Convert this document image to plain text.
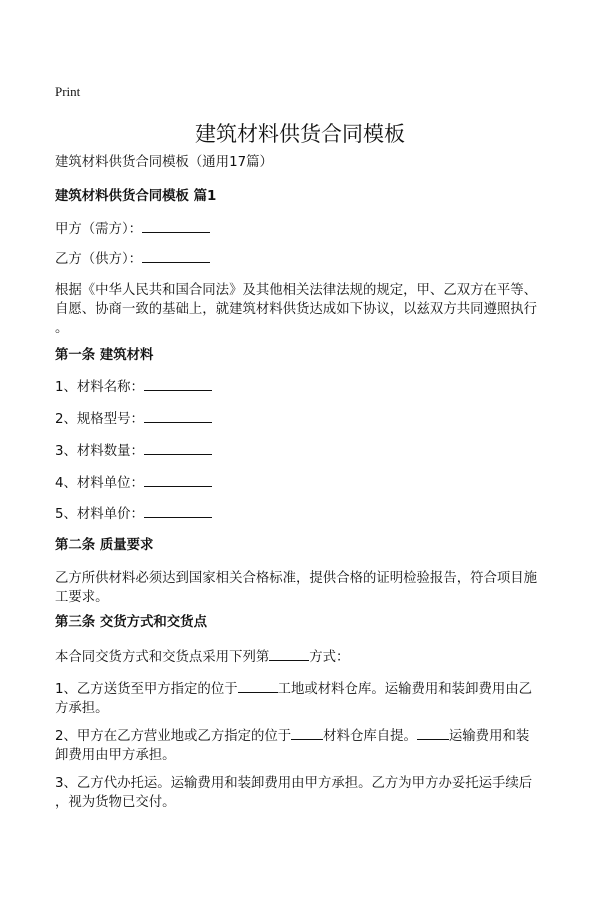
Print
建筑材料供货合同模板
建筑材料供货合同模板（通用17篇）
建筑材料供货合同模板 篇1
甲方（需方）：
乙方（供方）：
根据《中华人民共和国合同法》及其他相关法律法规的规定，甲、乙双方在平等、
自愿、协商一致的基础上，就建筑材料供货达成如下协议，以兹双方共同遵照执行
。
第一条 建筑材料
1、材料名称：
2、规格型号：
3、材料数量：
4、材料单位：
5、材料单价：
第二条 质量要求
乙方所供材料必须达到国家相关合格标准，提供合格的证明检验报告，符合项目施
工要求。
第三条 交货方式和交货点
本合同交货方式和交货点采用下列第	方式：
1、乙方送货至甲方指定的位于	工地或材料仓库。运输费用和装卸费用由乙
方承担。
2、甲方在乙方营业地或乙方指定的位于 材料仓库自提。 运输费用和装
卸费用由甲方承担。
3、乙方代办托运。运输费用和装卸费用由甲方承担。乙方为甲方办妥托运手续后
，视为货物已交付。
